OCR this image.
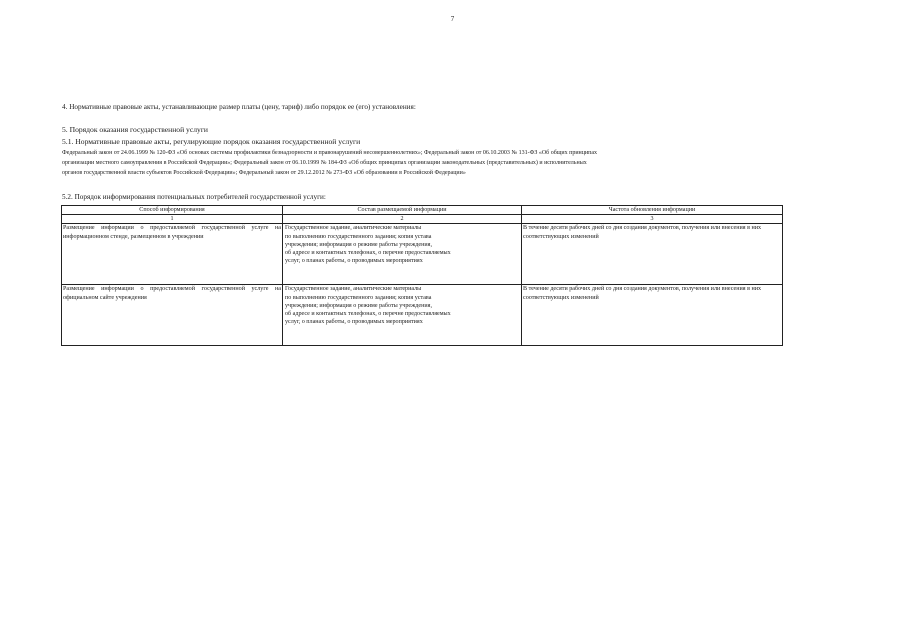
7
4. Нормативные правовые акты, устанавливающие размер платы (цену, тариф) либо порядок ее (его) установления:
5. Порядок оказания государственной услуги
5.1. Нормативные правовые акты, регулирующие порядок оказания государственной услуги
Федеральный закон от 24.06.1999 № 120-ФЗ «Об основах системы профилактики безнадзорности и правонарушений несовершеннолетних»; Федеральный закон от 06.10.2003 № 131-ФЗ «Об общих принципах
организации местного самоуправления в Российской Федерации»; Федеральный закон от 06.10.1999 № 184-ФЗ «Об общих принципах организации законодательных (представительных) и исполнительных
органов государственной власти субъектов Российской Федерации»; Федеральный закон от 29.12.2012 № 273-ФЗ «Об образовании в Российской Федерации»
5.2. Порядок информирования потенциальных потребителей государственной услуги:
Способ информирования	Состав размещаемой информации	Частота обновления информации
1	2	3
Размещение информации о предоставляемой государственной услуге на информационном стенде, размещенном в учреждении	Государственное задание, аналитические материалы
по выполнению государственного задания; копия устава
учреждения; информация о режиме работы учреждения,
об адресе и контактных телефонах, о перечне предоставляемых
услуг, о планах работы, о проводимых мероприятиях	В течение десяти рабочих дней со дня создания документов, получения или внесения в них соответствующих изменений
Размещение информации о предоставляемой государственной услуге на официальном сайте учреждения	Государственное задание, аналитические материалы
по выполнению государственного задания; копия устава
учреждения; информация о режиме работы учреждения,
об адресе и контактных телефонах, о перечне предоставляемых
услуг, о планах работы, о проводимых мероприятиях	В течение десяти рабочих дней со дня создания документов, получения или внесения в них соответствующих изменений
